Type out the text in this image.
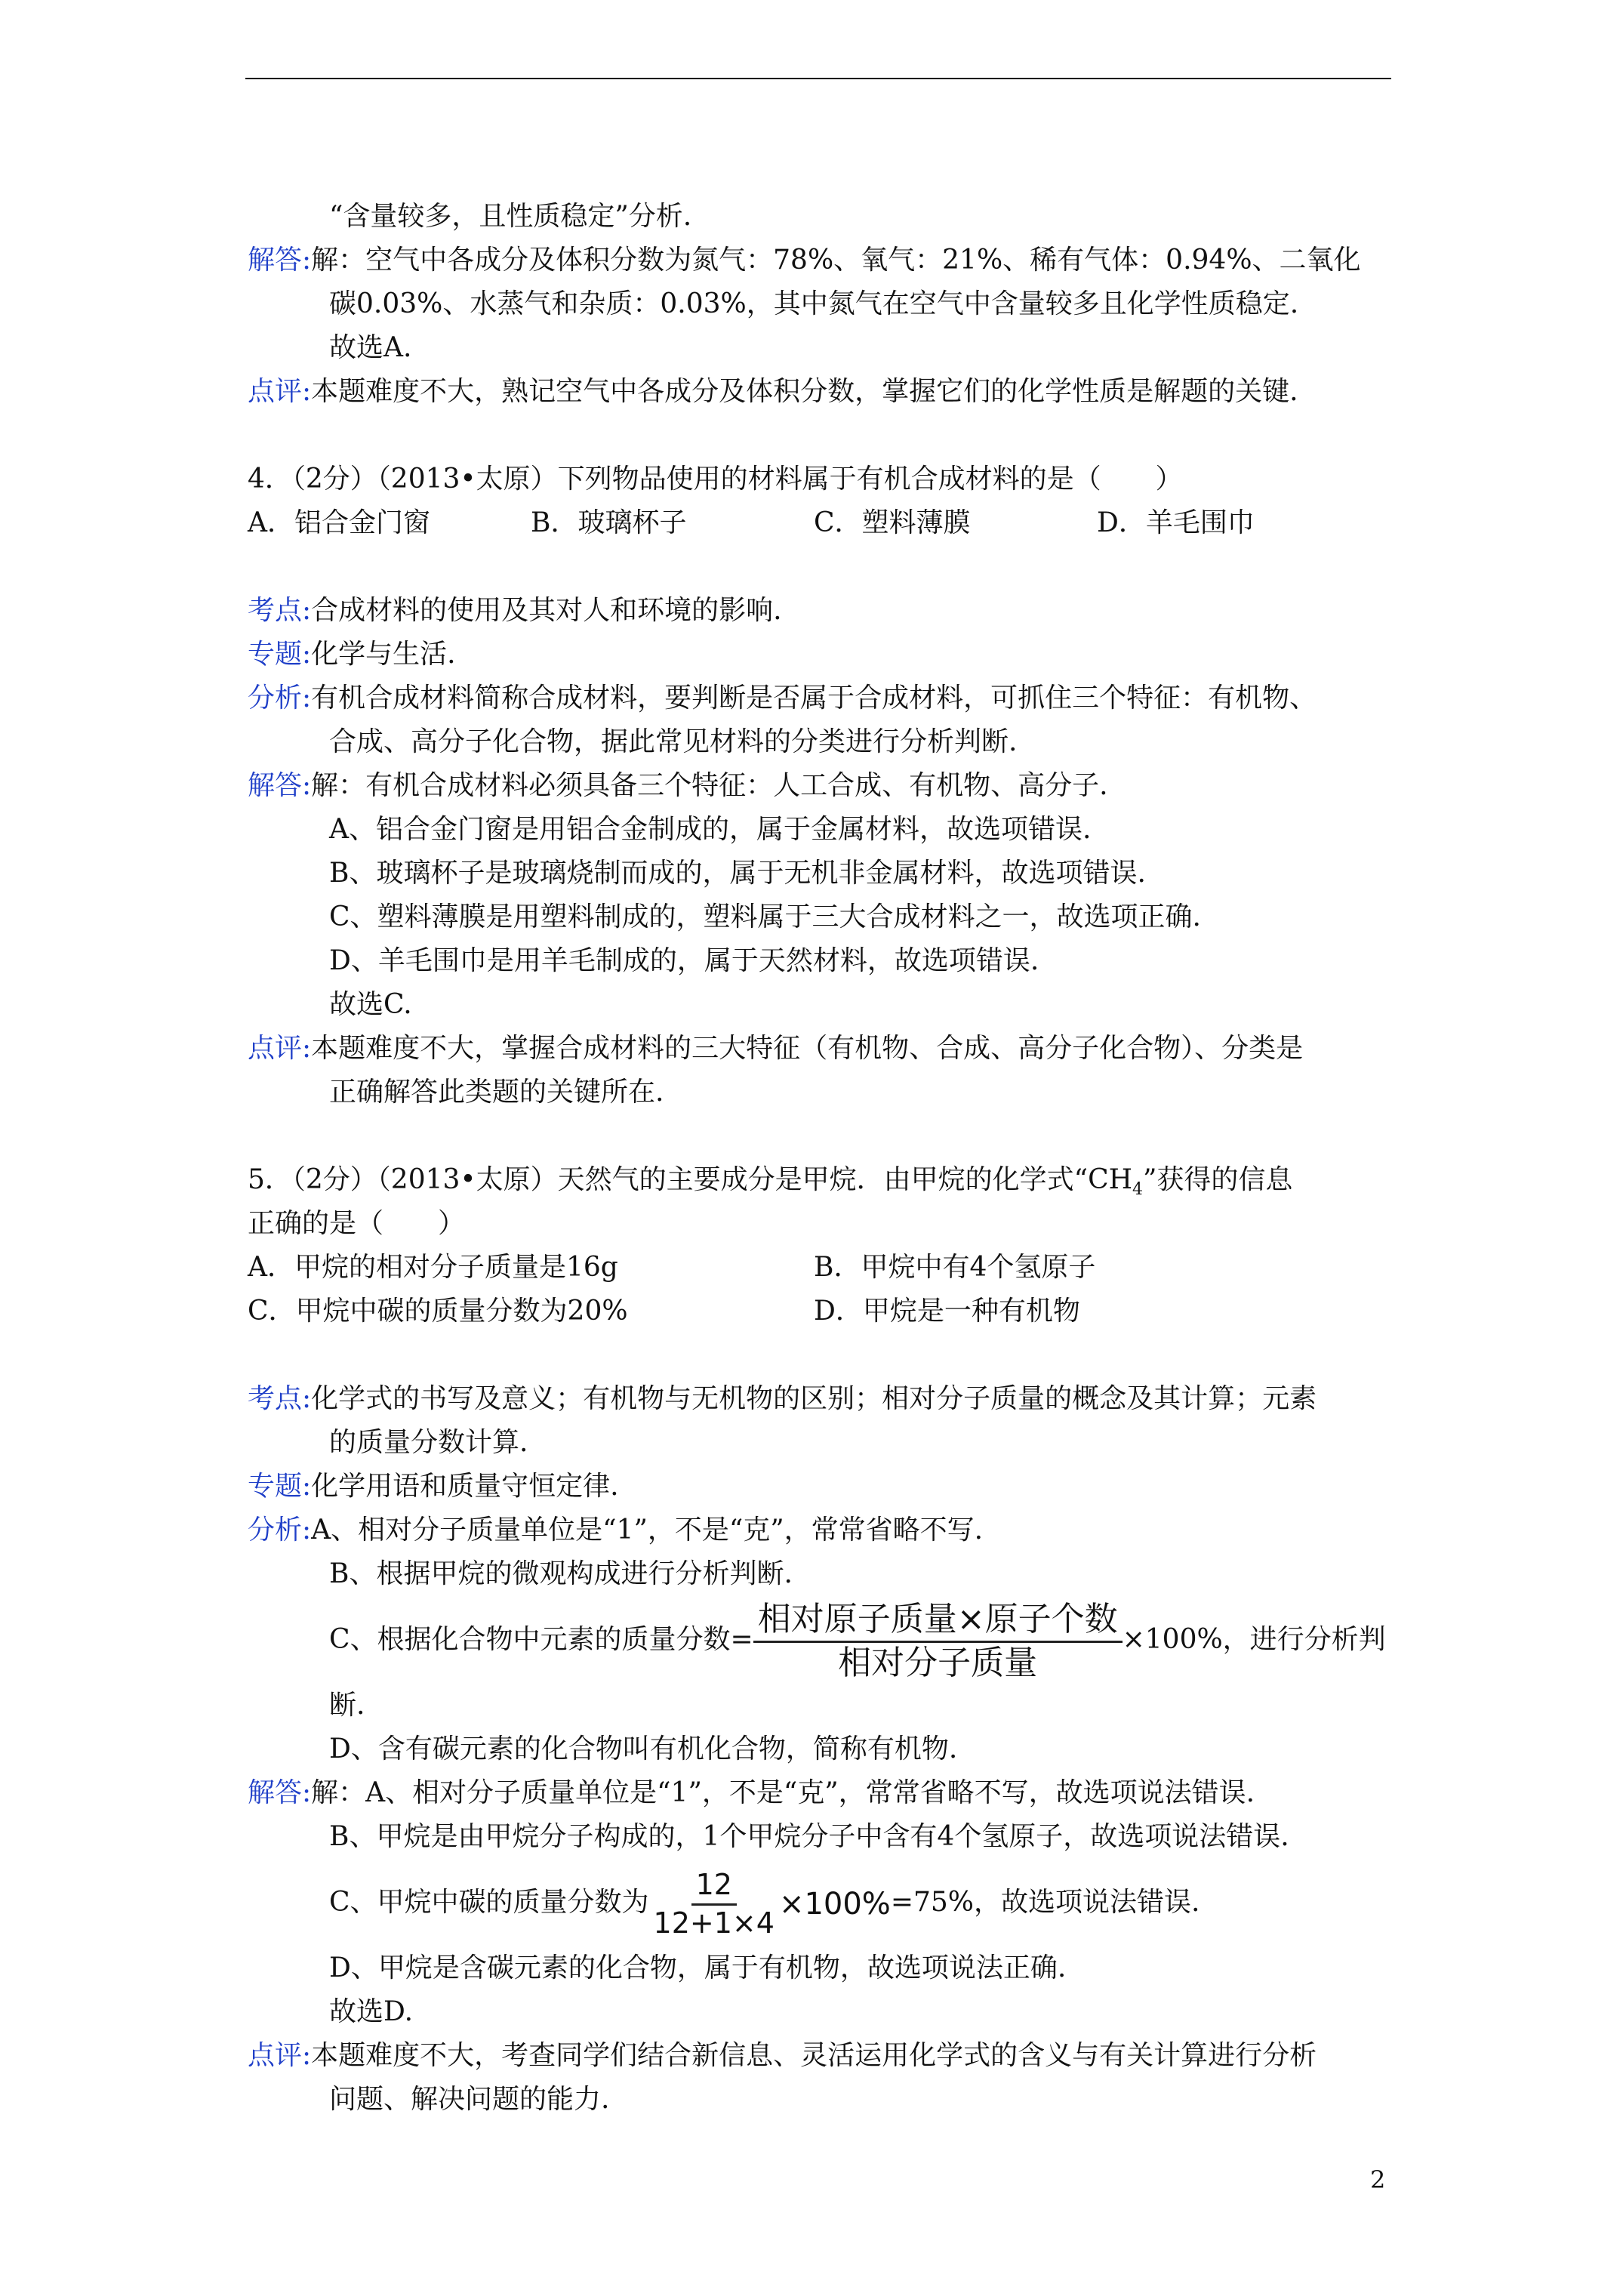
“含量较多，且性质稳定”分析.
解答:解：空气中各成分及体积分数为氮气：78%、氧气：21%、稀有气体：0.94%、二氧化
碳0.03%、水蒸气和杂质：0.03%，其中氮气在空气中含量较多且化学性质稳定.
故选A.
点评:本题难度不大，熟记空气中各成分及体积分数，掌握它们的化学性质是解题的关键.
4．（2分）（2013•太原）下列物品使用的材料属于有机合成材料的是（　　）
A．铝合金门窗	B．玻璃杯子	C．塑料薄膜	D．羊毛围巾
考点:合成材料的使用及其对人和环境的影响.
专题:化学与生活.
分析:有机合成材料简称合成材料，要判断是否属于合成材料，可抓住三个特征：有机物、
合成、高分子化合物，据此常见材料的分类进行分析判断.
解答:解：有机合成材料必须具备三个特征：人工合成、有机物、高分子.
A、铝合金门窗是用铝合金制成的，属于金属材料，故选项错误.
B、玻璃杯子是玻璃烧制而成的，属于无机非金属材料，故选项错误.
C、塑料薄膜是用塑料制成的，塑料属于三大合成材料之一，故选项正确.
D、羊毛围巾是用羊毛制成的，属于天然材料，故选项错误.
故选C.
点评:本题难度不大，掌握合成材料的三大特征（有机物、合成、高分子化合物）、分类是
正确解答此类题的关键所在.
5．（2分）（2013•太原）天然气的主要成分是甲烷．由甲烷的化学式“$CH_4$”获得的信息
正确的是（　　）
A．甲烷的相对分子质量是16g	B．甲烷中有4个氢原子
C．甲烷中碳的质量分数为20%	D．甲烷是一种有机物
考点:化学式的书写及意义；有机物与无机物的区别；相对分子质量的概念及其计算；元素
的质量分数计算.
专题:化学用语和质量守恒定律.
分析:A、相对分子质量单位是“1”，不是“克”，常常省略不写.
B、根据甲烷的微观构成进行分析判断.
C、根据化合物中元素的质量分数= $\frac{\text{相对原子质量×原子个数}}{\text{相对分子质量}} \times 100\%$，进行分析判
断.
D、含有碳元素的化合物叫有机化合物，简称有机物.
解答:解：A、相对分子质量单位是“1”，不是“克”，常常省略不写，故选项说法错误.
B、甲烷是由甲烷分子构成的，1个甲烷分子中含有4个氢原子，故选项说法错误.
C、甲烷中碳的质量分数为 $\frac{12}{12+1\times 4} \times 100\%=75\%$，故选项说法错误.
D、甲烷是含碳元素的化合物，属于有机物，故选项说法正确.
故选D.
点评:本题难度不大，考查同学们结合新信息、灵活运用化学式的含义与有关计算进行分析
问题、解决问题的能力.
2
